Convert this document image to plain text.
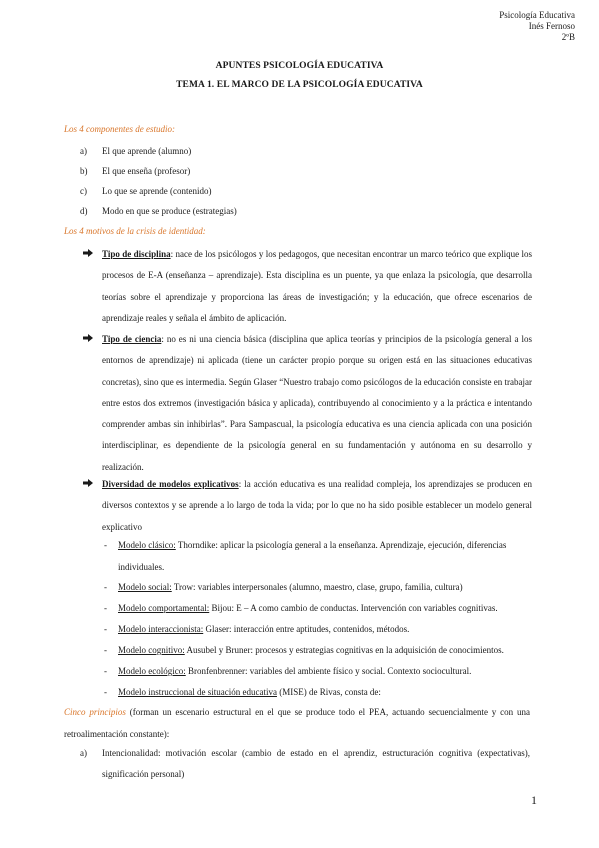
Psicología Educativa
Inés Fernoso
2ºB
APUNTES PSICOLOGÍA EDUCATIVA
TEMA 1. EL MARCO DE LA PSICOLOGÍA EDUCATIVA
Los 4 componentes de estudio:
a) El que aprende (alumno)
b) El que enseña (profesor)
c) Lo que se aprende (contenido)
d) Modo en que se produce (estrategias)
Los 4 motivos de la crisis de identidad:
Tipo de disciplina: nace de los psicólogos y los pedagogos, que necesitan encontrar un marco teórico que explique los procesos de E-A (enseñanza – aprendizaje). Esta disciplina es un puente, ya que enlaza la psicología, que desarrolla teorías sobre el aprendizaje y proporciona las áreas de investigación; y la educación, que ofrece escenarios de aprendizaje reales y señala el ámbito de aplicación.
Tipo de ciencia: no es ni una ciencia básica (disciplina que aplica teorías y principios de la psicología general a los entornos de aprendizaje) ni aplicada (tiene un carácter propio porque su origen está en las situaciones educativas concretas), sino que es intermedia. Según Glaser “Nuestro trabajo como psicólogos de la educación consiste en trabajar entre estos dos extremos (investigación básica y aplicada), contribuyendo al conocimiento y a la práctica e intentando comprender ambas sin inhibirlas”. Para Sampascual, la psicología educativa es una ciencia aplicada con una posición interdisciplinar, es dependiente de la psicología general en su fundamentación y autónoma en su desarrollo y realización.
Diversidad de modelos explicativos: la acción educativa es una realidad compleja, los aprendizajes se producen en diversos contextos y se aprende a lo largo de toda la vida; por lo que no ha sido posible establecer un modelo general explicativo
- Modelo clásico: Thorndike: aplicar la psicología general a la enseñanza. Aprendizaje, ejecución, diferencias individuales.
- Modelo social: Trow: variables interpersonales (alumno, maestro, clase, grupo, familia, cultura)
- Modelo comportamental: Bijou: E – A como cambio de conductas. Intervención con variables cognitivas.
- Modelo interaccionista: Glaser: interacción entre aptitudes, contenidos, métodos.
- Modelo cognitivo: Ausubel y Bruner: procesos y estrategias cognitivas en la adquisición de conocimientos.
- Modelo ecológico: Bronfenbrenner: variables del ambiente físico y social. Contexto sociocultural.
- Modelo instruccional de situación educativa (MISE) de Rivas, consta de:
Cinco principios (forman un escenario estructural en el que se produce todo el PEA, actuando secuencialmente y con una retroalimentación constante):
a) Intencionalidad: motivación escolar (cambio de estado en el aprendiz, estructuración cognitiva (expectativas), significación personal)
1
